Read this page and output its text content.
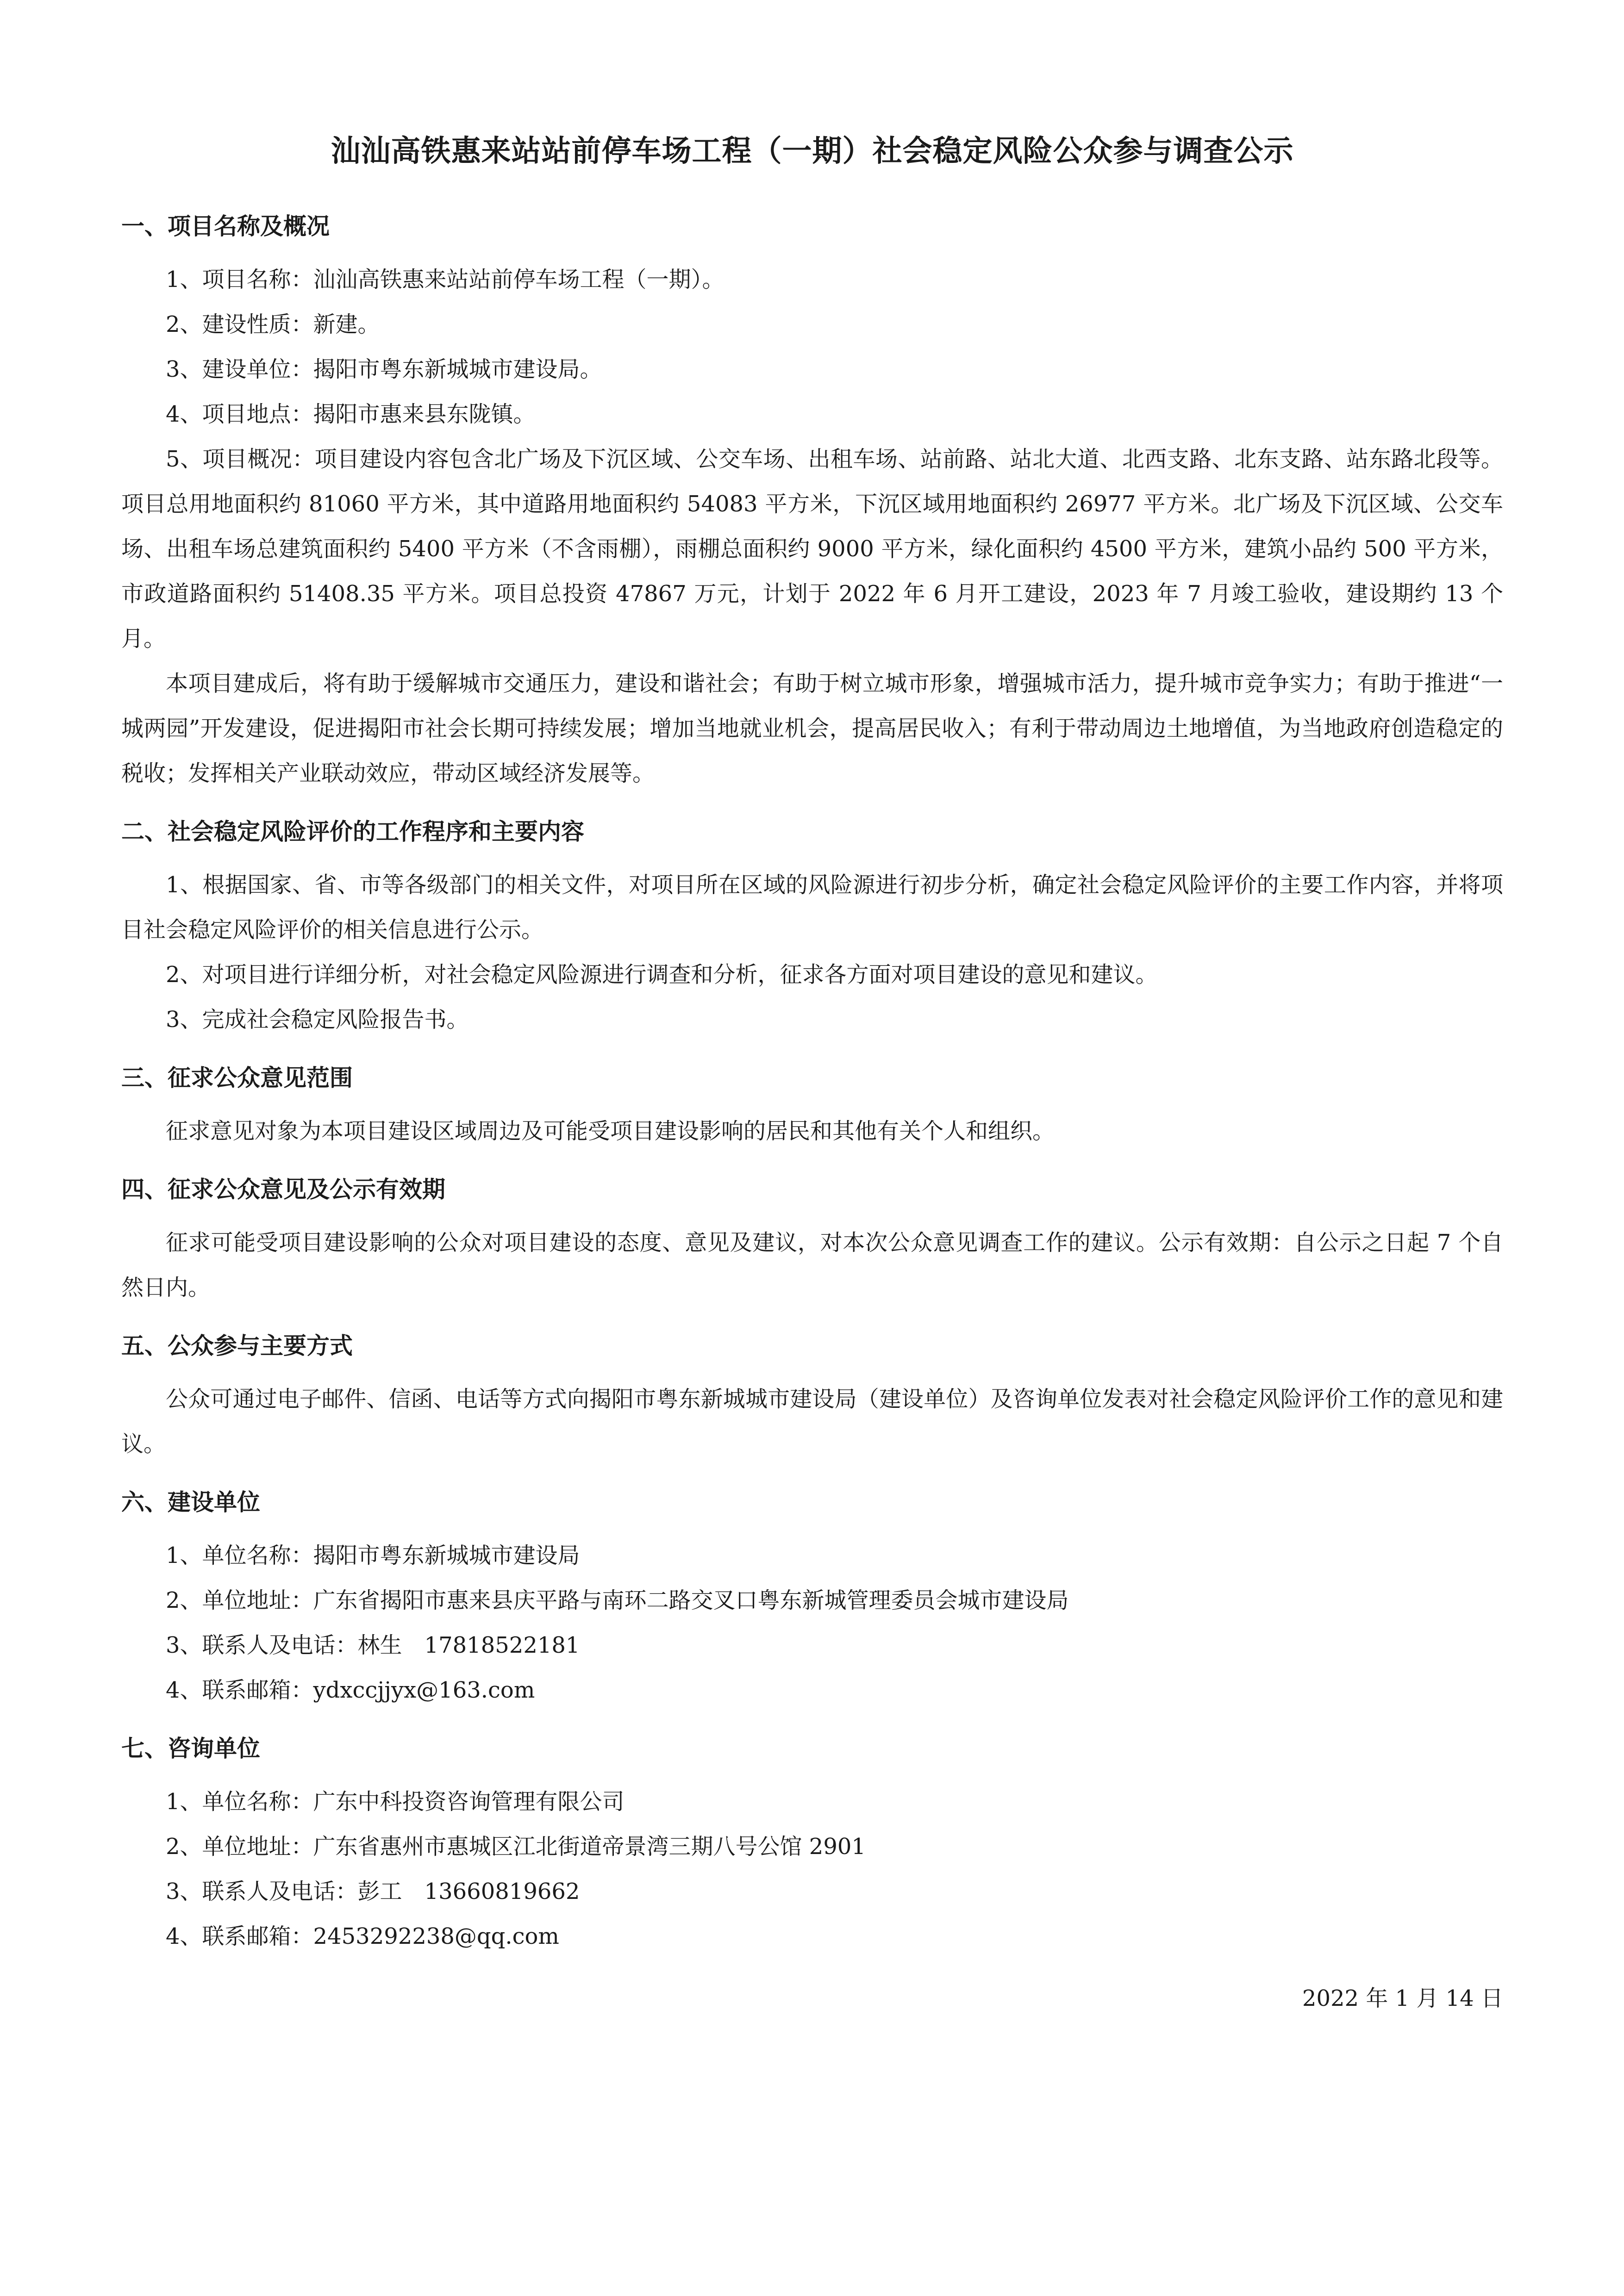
汕汕高铁惠来站站前停车场工程（一期）社会稳定风险公众参与调查公示
一、项目名称及概况

1、项目名称：汕汕高铁惠来站站前停车场工程（一期）。

2、建设性质：新建。

3、建设单位：揭阳市粤东新城城市建设局。

4、项目地点：揭阳市惠来县东陇镇。

5、项目概况：项目建设内容包含北广场及下沉区域、公交车场、出租车场、站前路、站北大道、北西支路、北东支路、站东路北段等。项目总用地面积约 81060 平方米，其中道路用地面积约 54083 平方米，下沉区域用地面积约 26977 平方米。北广场及下沉区域、公交车场、出租车场总建筑面积约 5400 平方米（不含雨棚），雨棚总面积约 9000 平方米，绿化面积约 4500 平方米，建筑小品约 500 平方米，市政道路面积约 51408.35 平方米。项目总投资 47867 万元，计划于 2022 年 6 月开工建设，2023 年 7 月竣工验收，建设期约 13 个月。

本项目建成后，将有助于缓解城市交通压力，建设和谐社会；有助于树立城市形象，增强城市活力，提升城市竞争实力；有助于推进“一城两园”开发建设，促进揭阳市社会长期可持续发展；增加当地就业机会，提高居民收入；有利于带动周边土地增值，为当地政府创造稳定的税收；发挥相关产业联动效应，带动区域经济发展等。

二、社会稳定风险评价的工作程序和主要内容

1、根据国家、省、市等各级部门的相关文件，对项目所在区域的风险源进行初步分析，确定社会稳定风险评价的主要工作内容，并将项目社会稳定风险评价的相关信息进行公示。

2、对项目进行详细分析，对社会稳定风险源进行调查和分析，征求各方面对项目建设的意见和建议。

3、完成社会稳定风险报告书。

三、征求公众意见范围

征求意见对象为本项目建设区域周边及可能受项目建设影响的居民和其他有关个人和组织。

四、征求公众意见及公示有效期

征求可能受项目建设影响的公众对项目建设的态度、意见及建议，对本次公众意见调查工作的建议。公示有效期：自公示之日起 7 个自然日内。

五、公众参与主要方式

公众可通过电子邮件、信函、电话等方式向揭阳市粤东新城城市建设局（建设单位）及咨询单位发表对社会稳定风险评价工作的意见和建议。

六、建设单位

1、单位名称：揭阳市粤东新城城市建设局

2、单位地址：广东省揭阳市惠来县庆平路与南环二路交叉口粤东新城管理委员会城市建设局

3、联系人及电话：林生　17818522181

4、联系邮箱：ydxccjjyx@163.com

七、咨询单位

1、单位名称：广东中科投资咨询管理有限公司

2、单位地址：广东省惠州市惠城区江北街道帝景湾三期八号公馆 2901

3、联系人及电话：彭工　13660819662

4、联系邮箱：2453292238@qq.com

2022 年 1 月 14 日
